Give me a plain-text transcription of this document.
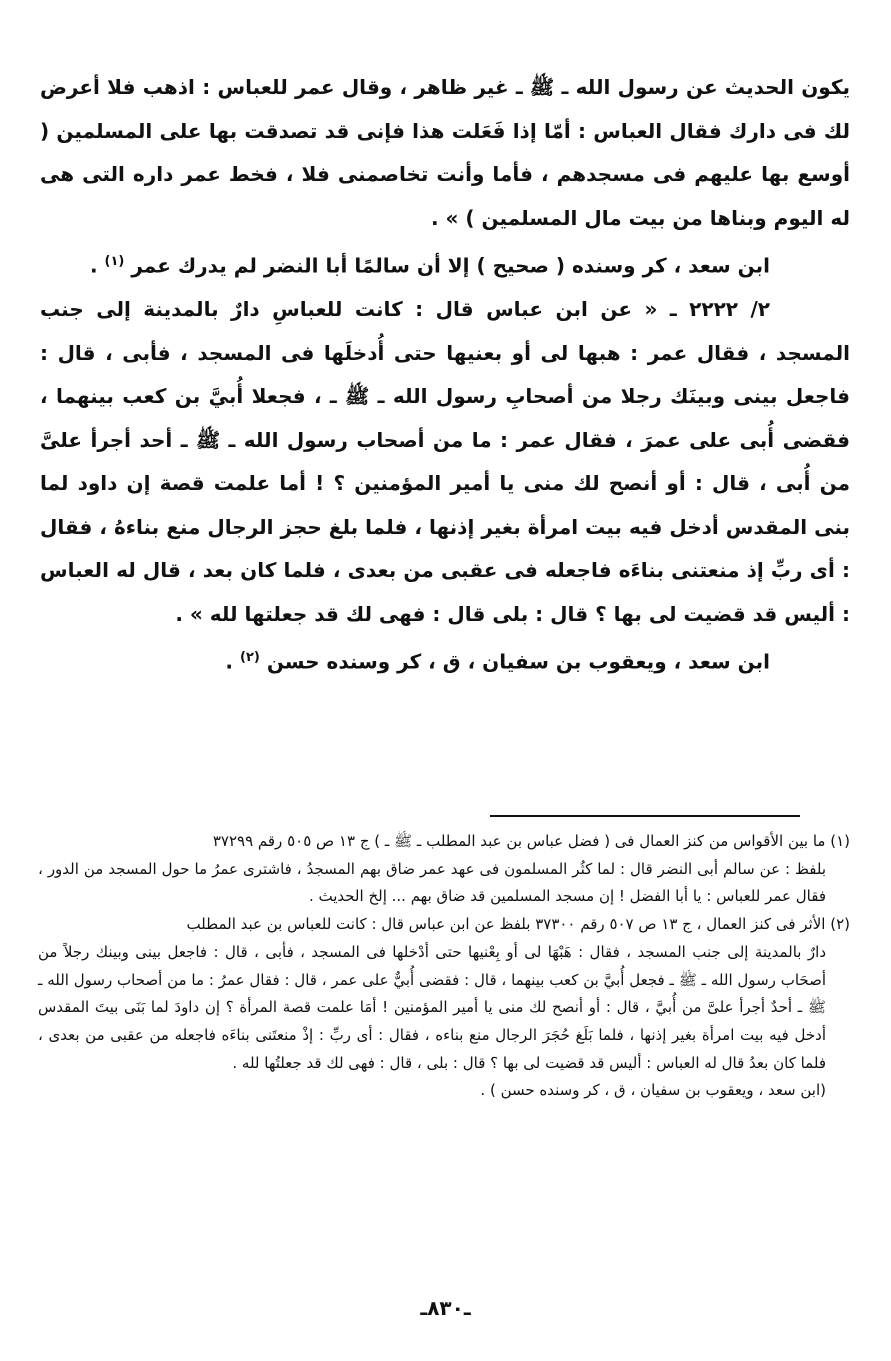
يكون الحديث عن رسول الله ـ ﷺ ـ غير ظاهر ، وقال عمر للعباس : اذهب فلا أعرض لك فى دارك فقال العباس : أمّا إذا فَعَلت هذا فإنى قد تصدقت بها على المسلمين ( أوسع بها عليهم فى مسجدهم ، فأما وأنت تخاصمنى فلا ، فخط عمر داره التى هى له اليوم وبناها من بيت مال المسلمين ) » .

ابن سعد ، كر وسنده ( صحيح ) إلا أن سالمًا أبا النضر لم يدرك عمر $^{(١)}$ .

٢/ ٢٢٢٢ ـ « عن ابن عباس قال : كانت للعباسِ دارٌ بالمدينة إلى جنب المسجد ، فقال عمر : هبها لى أو بعنيها حتى أُدخلَها فى المسجد ، فأبى ، قال : فاجعل بينى وبينَك رجلا من أصحابِ رسول الله ـ ﷺ ـ ، فجعلا أُبيَّ بن كعب بينهما ، فقضى أُبى على عمرَ ، فقال عمر : ما من أصحاب رسول الله ـ ﷺ ـ أحد أجرأ علىَّ من أُبى ، قال : أو أنصح لك منى يا أمير المؤمنين ؟ ! أما علمت قصة إن داود لما بنى المقدس أدخل فيه بيت امرأة بغير إذنها ، فلما بلغ حجز الرجال منع بناءهُ ، فقال : أى ربِّ إذ منعتنى بناءَه فاجعله فى عقبى من بعدى ، فلما كان بعد ، قال له العباس : أليس قد قضيت لى بها ؟ قال : بلى قال : فهى لك قد جعلتها لله » .

ابن سعد ، ويعقوب بن سفيان ، ق ، كر وسنده حسن $^{(٢)}$ .

(١) ما بين الأقواس من كنز العمال فى ( فضل عباس بن عبد المطلب ـ ﷺ ـ ) ج ١٣ ص ٥٠٥ رقم ٣٧٢٩٩

بلفظ : عن سالم أبى النضر قال : لما كثُر المسلمون فى عهد عمر ضاق بهم المسجدُ ، فاشترى عمرُ ما حول المسجد من الدور ، فقال عمر للعباس : يا أبا الفضل ! إن مسجد المسلمين قد ضاق بهم ... إلخ الحديث .

(٢) الأثر فى كنز العمال ، ج ١٣ ص ٥٠٧ رقم ٣٧٣٠٠ بلفظ عن ابن عباس قال : كانت للعباس بن عبد المطلب

دارٌ بالمدينة إلى جنب المسجد ، فقال : هَبْهَا لى أو بِعْنيها حتى أدْخلها فى المسجد ، فأبى ، قال : فاجعل بينى وبينك رجلاً من أصحَاب رسول الله ـ ﷺ ـ فجعل أُبيَّ بن كعب بينهما ، قال : فقضى أُبيٌّ على عمر ، قال : فقال عمرُ : ما من أصحاب رسول الله ـ ﷺ ـ أحدٌ أجرأ علىَّ من أُبيَّ ، قال : أو أنصح لك منى يا أمير المؤمنين ! أمَا علمت قصة المرأة ؟ إن داودَ لما بَنَى بيتَ المقدس أدخل فيه بيت امرأة بغير إذنها ، فلما بَلَغ حُجَرَ الرجال منع بناءه ، فقال : أى ربِّ : إذْ منعتَنى بناءَه فاجعله من عقبى من بعدى ، فلما كان بعدُ قال له العباس : أليس قد قضيت لى بها ؟ قال : بلى ، قال : فهى لك قد جعلتُها لله .

(ابن سعد ، ويعقوب بن سفيان ، ق ، كر وسنده حسن ) .

ـ٨٣٠ـ
